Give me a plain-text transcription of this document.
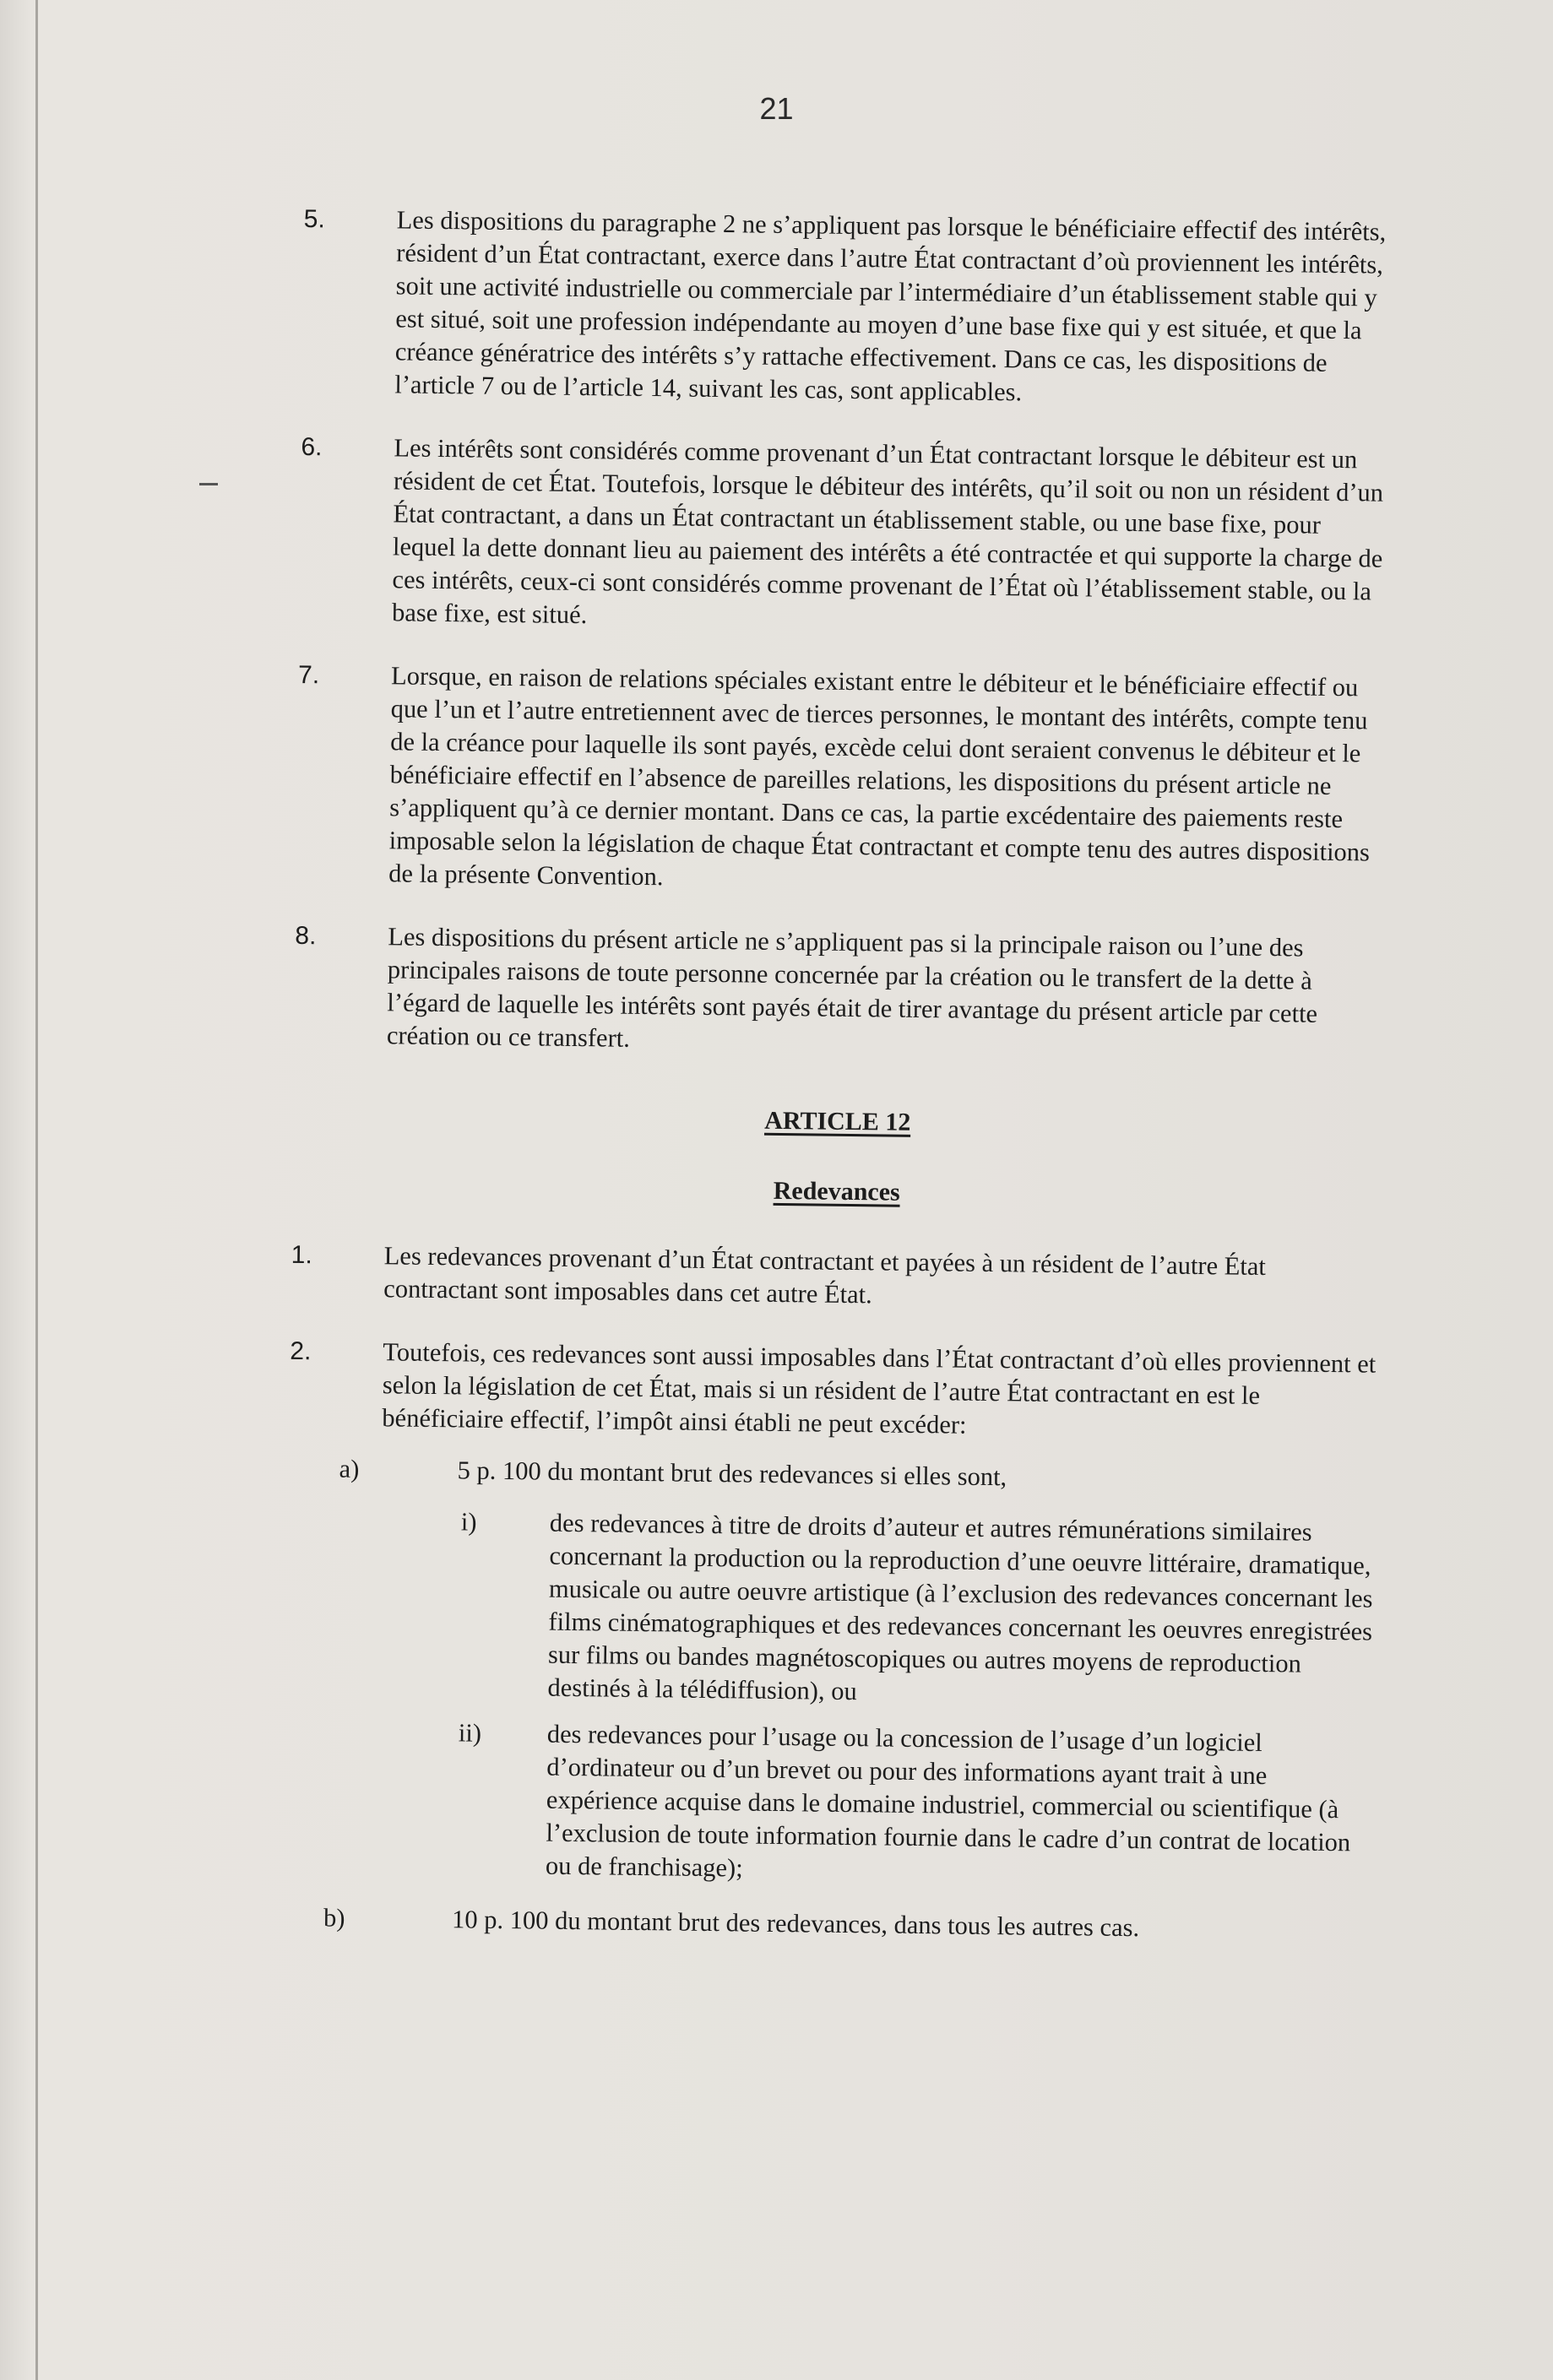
21
5.	Les dispositions du paragraphe 2 ne s’appliquent pas lorsque le bénéficiaire effectif des intérêts, résident d’un État contractant, exerce dans l’autre État contractant d’où proviennent les intérêts, soit une activité industrielle ou commerciale par l’intermédiaire d’un établissement stable qui y est situé, soit une profession indépendante au moyen d’une base fixe qui y est située, et que la créance génératrice des intérêts s’y rattache effectivement. Dans ce cas, les dispositions de l’article 7 ou de l’article 14, suivant les cas, sont applicables.
6.	Les intérêts sont considérés comme provenant d’un État contractant lorsque le débiteur est un résident de cet État. Toutefois, lorsque le débiteur des intérêts, qu’il soit ou non un résident d’un État contractant, a dans un État contractant un établissement stable, ou une base fixe, pour lequel la dette donnant lieu au paiement des intérêts a été contractée et qui supporte la charge de ces intérêts, ceux-ci sont considérés comme provenant de l’État où l’établissement stable, ou la base fixe, est situé.
7.	Lorsque, en raison de relations spéciales existant entre le débiteur et le bénéficiaire effectif ou que l’un et l’autre entretiennent avec de tierces personnes, le montant des intérêts, compte tenu de la créance pour laquelle ils sont payés, excède celui dont seraient convenus le débiteur et le bénéficiaire effectif en l’absence de pareilles relations, les dispositions du présent article ne s’appliquent qu’à ce dernier montant. Dans ce cas, la partie excédentaire des paiements reste imposable selon la législation de chaque État contractant et compte tenu des autres dispositions de la présente Convention.
8.	Les dispositions du présent article ne s’appliquent pas si la principale raison ou l’une des principales raisons de toute personne concernée par la création ou le transfert de la dette à l’égard de laquelle les intérêts sont payés était de tirer avantage du présent article par cette création ou ce transfert.

ARTICLE 12

Redevances

1.	Les redevances provenant d’un État contractant et payées à un résident de l’autre État contractant sont imposables dans cet autre État.
2.	Toutefois, ces redevances sont aussi imposables dans l’État contractant d’où elles proviennent et selon la législation de cet État, mais si un résident de l’autre État contractant en est le bénéficiaire effectif, l’impôt ainsi établi ne peut excéder:
a)	5 p. 100 du montant brut des redevances si elles sont,
i)	des redevances à titre de droits d’auteur et autres rémunérations similaires concernant la production ou la reproduction d’une oeuvre littéraire, dramatique, musicale ou autre oeuvre artistique (à l’exclusion des redevances concernant les films cinématographiques et des redevances concernant les oeuvres enregistrées sur films ou bandes magnétoscopiques ou autres moyens de reproduction destinés à la télédiffusion), ou
ii)	des redevances pour l’usage ou la concession de l’usage d’un logiciel d’ordinateur ou d’un brevet ou pour des informations ayant trait à une expérience acquise dans le domaine industriel, commercial ou scientifique (à l’exclusion de toute information fournie dans le cadre d’un contrat de location ou de franchisage);
b)	10 p. 100 du montant brut des redevances, dans tous les autres cas.
